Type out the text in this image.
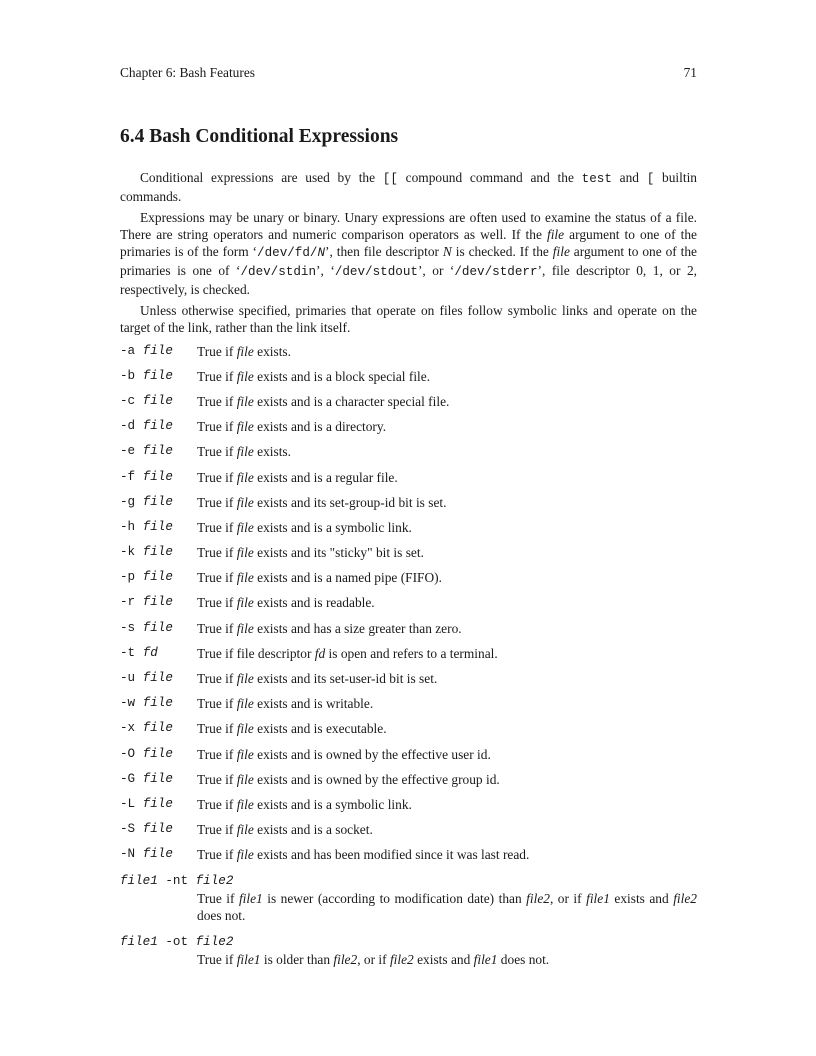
Chapter 6: Bash Features	71
6.4 Bash Conditional Expressions

Conditional expressions are used by the [[ compound command and the test and [ builtin commands.

Expressions may be unary or binary. Unary expressions are often used to examine the status of a file. There are string operators and numeric comparison operators as well. If the file argument to one of the primaries is of the form ‘/dev/fd/N’, then file descriptor N is checked. If the file argument to one of the primaries is one of ‘/dev/stdin’, ‘/dev/stdout’, or ‘/dev/stderr’, file descriptor 0, 1, or 2, respectively, is checked.

Unless otherwise specified, primaries that operate on files follow symbolic links and operate on the target of the link, rather than the link itself.

-a file	True if file exists.
-b file	True if file exists and is a block special file.
-c file	True if file exists and is a character special file.
-d file	True if file exists and is a directory.
-e file	True if file exists.
-f file	True if file exists and is a regular file.
-g file	True if file exists and its set-group-id bit is set.
-h file	True if file exists and is a symbolic link.
-k file	True if file exists and its "sticky" bit is set.
-p file	True if file exists and is a named pipe (FIFO).
-r file	True if file exists and is readable.
-s file	True if file exists and has a size greater than zero.
-t fd	True if file descriptor fd is open and refers to a terminal.
-u file	True if file exists and its set-user-id bit is set.
-w file	True if file exists and is writable.
-x file	True if file exists and is executable.
-O file	True if file exists and is owned by the effective user id.
-G file	True if file exists and is owned by the effective group id.
-L file	True if file exists and is a symbolic link.
-S file	True if file exists and is a socket.
-N file	True if file exists and has been modified since it was last read.
file1 -nt file2
True if file1 is newer (according to modification date) than file2, or if file1 exists and file2 does not.
file1 -ot file2
True if file1 is older than file2, or if file2 exists and file1 does not.
